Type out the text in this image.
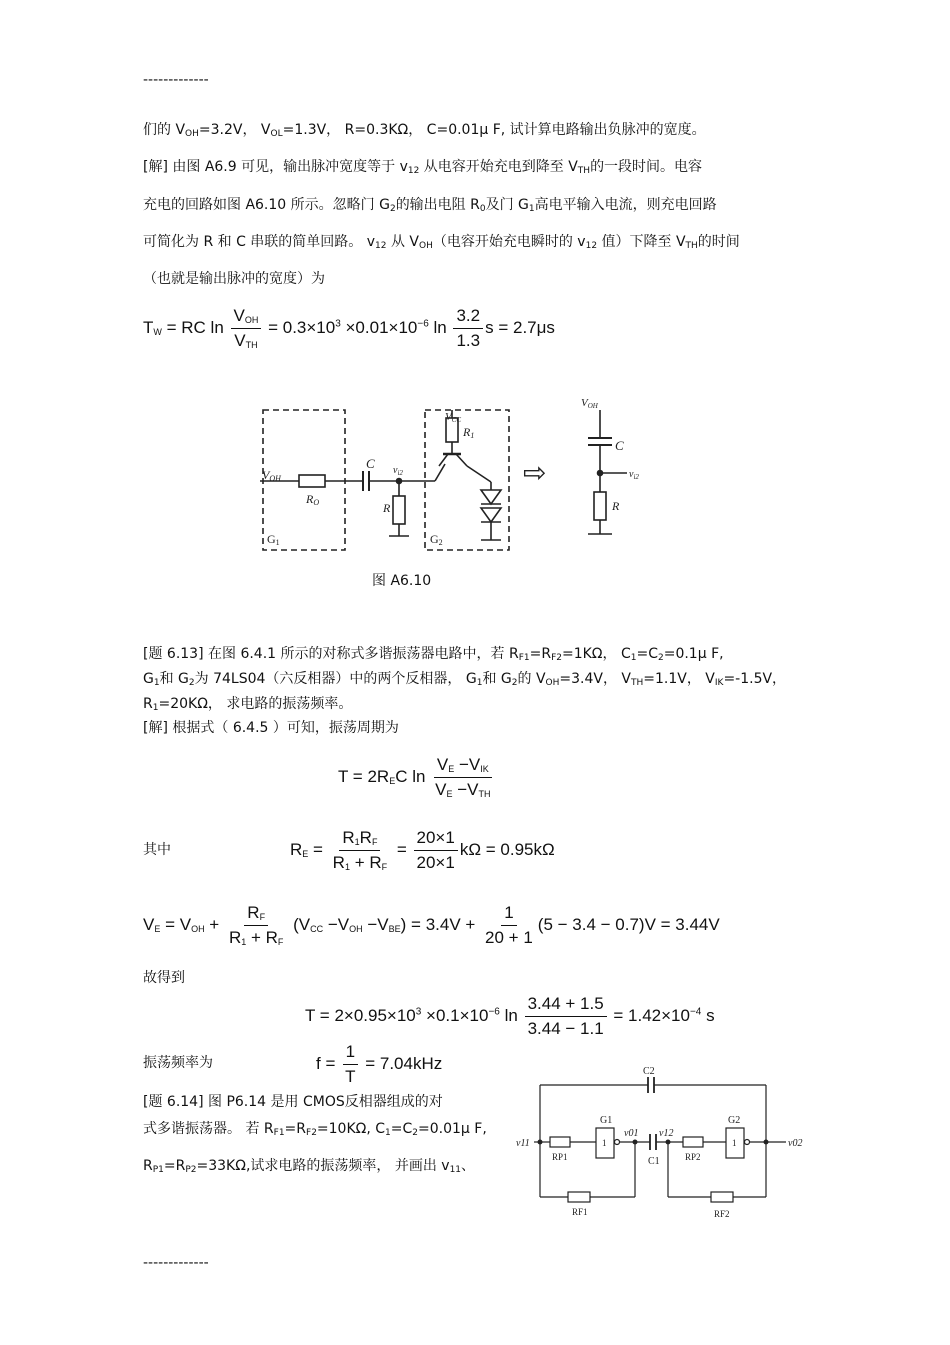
-------------
们的 $V_{OH}=3.2V$， $V_{OL}=1.3V$， R=0.3KΩ， C=0.01μ F, 试计算电路输出负脉冲的宽度。
[解] 由图 A6.9 可见，输出脉冲宽度等于 $v_{12}$ 从电容开始充电到降至 $V_{TH}$的一段时间。电容
充电的回路如图 A6.10 所示。忽略门 $G_2$的输出电阻 $R_0$及门 $G_1$高电平输入电流，则充电回路
可简化为 R 和 C 串联的简单回路。 $v_{12}$ 从 $V_{OH}$（电容开始充电瞬时的 $v_{12}$ 值）下降至 $V_{TH}$的时间
（也就是输出脉冲的宽度）为
$T_W$ = RC $\ln \frac{V_{OH}}{V_{TH}} = 0.3\times 10^3 \times 0.01\times 10^{-6}$ $\ln \frac{3.2}{1.3}$ s = 2.7μs
VOH
RO
C $v_{i2}$
R
VCC
R1
G1	G2
⇨
VOH
C
$v_{i2}$
R
图 A6.10
[题 6.13] 在图 6.4.1 所示的对称式多谐振荡器电路中，若 $R_{F1}=R_{F2}=1K\Omega$， $C_1=C_2=0.1\mu$ F,
$G_1$和 $G_2$为 74LS04（六反相器）中的两个反相器， $G_1$和 $G_2$的 $V_{OH}=3.4V$， $V_{TH}=1.1V$， $V_{IK}=-1.5V$，
$R_1=20K\Omega$， 求电路的振荡频率。
[解] 根据式（ 6.4.5 ）可知，振荡周期为
$T = 2R_EC$ $\ln \frac{V_E -V_{IK}}{V_E -V_{TH}}$
其中	$R_E = \frac{R_1R_F}{R_1 + R_F} = \frac{20\times 1}{20\times 1}$ kΩ = 0.95kΩ
$V_E = V_{OH} + \frac{R_F}{R_1 + R_F} (V_{CC} -V_{OH} -V_{BE}) = 3.4V + \frac{1}{20 + 1} (5 - 3.4 - 0.7)V = 3.44V$
故得到
$T = 2\times 0.95\times 10^3 \times 0.1\times 10^{-6}$ $\ln \frac{3.44 + 1.5}{3.44 - 1.1} = 1.42\times 10^{-4}$ s
振荡频率为	$f = \frac{1}{T} = 7.04kHz$
[题 6.14] 图 P6.14 是用 CMOS反相器组成的对
式多谐振荡器。 若 $R_{F1}=R_{F2}=10K\Omega$, $C_1=C_2=0.01\mu$ F,
$R_{P1}=R_{P2}=33K\Omega$,试求电路的振荡频率， 并画出 $v_{11}$、
C2
G1	G2
1	1
v11
v01 v12
v02
C1
RP1	RP2
RF1	RF2
-------------
